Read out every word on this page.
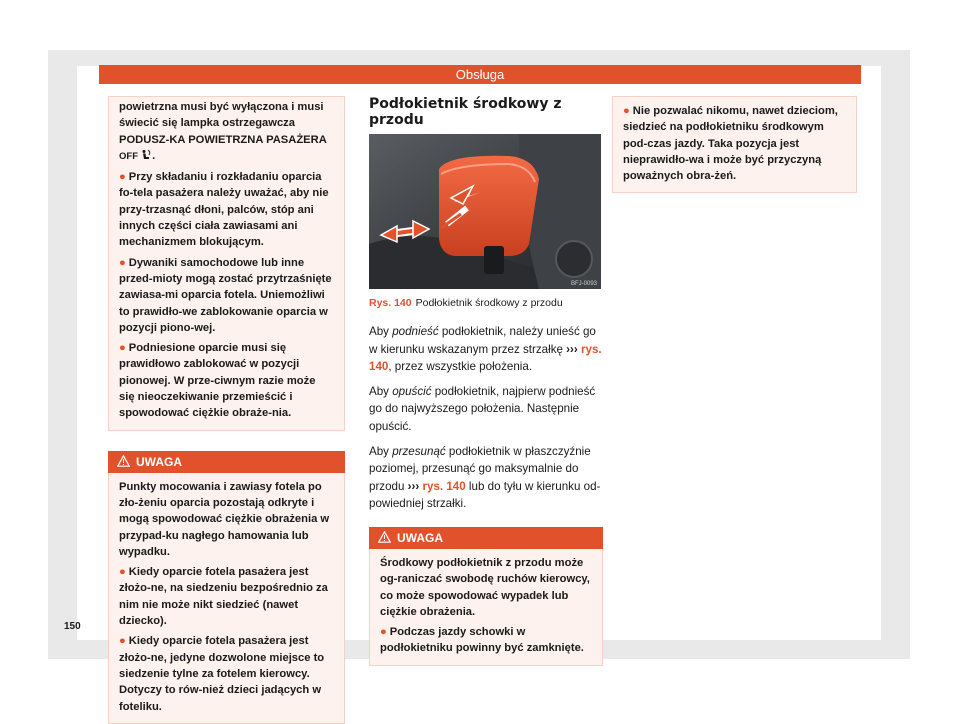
Obsługa

powietrzna musi być wyłączona i musi świecić się lampka ostrzegawcza PODUSZ-KA POWIETRZNA PASAŻERA OFF .

● Przy składaniu i rozkładaniu oparcia fo-tela pasażera należy uważać, aby nie przy-trzasnąć dłoni, palców, stóp ani innych części ciała zawiasami ani mechanizmem blokującym.

● Dywaniki samochodowe lub inne przed-mioty mogą zostać przytrzaśnięte zawiasa-mi oparcia fotela. Uniemożliwi to prawidło-we zablokowanie oparcia w pozycji piono-wej.

● Podniesione oparcie musi się prawidłowo zablokować w pozycji pionowej. W prze-ciwnym razie może się nieoczekiwanie przemieścić i spowodować ciężkie obraże-nia.

UWAGA

Punkty mocowania i zawiasy fotela po zło-żeniu oparcia pozostają odkryte i mogą spowodować ciężkie obrażenia w przypad-ku nagłego hamowania lub wypadku.

● Kiedy oparcie fotela pasażera jest złożo-ne, na siedzeniu bezpośrednio za nim nie może nikt siedzieć (nawet dziecko).

● Kiedy oparcie fotela pasażera jest złożo-ne, jedyne dozwolone miejsce to siedzenie tylne za fotelem kierowcy. Dotyczy to rów-nież dzieci jadących w foteliku.

Podłokietnik środkowy z przodu
BFJ-0093
Rys. 140 Podłokietnik środkowy z przodu

Aby podnieść podłokietnik, należy unieść go w kierunku wskazanym przez strzałkę ››› rys. 140, przez wszystkie położenia.

Aby opuścić podłokietnik, najpierw podnieść go do najwyższego położenia. Następnie opuścić.

Aby przesunąć podłokietnik w płaszczyźnie poziomej, przesunąć go maksymalnie do przodu ››› rys. 140 lub do tyłu w kierunku od-powiedniej strzałki.

UWAGA

Środkowy podłokietnik z przodu może og-raniczać swobodę ruchów kierowcy, co może spowodować wypadek lub ciężkie obrażenia.

● Podczas jazdy schowki w podłokietniku powinny być zamknięte.

● Nie pozwalać nikomu, nawet dzieciom, siedzieć na podłokietniku środkowym pod-czas jazdy. Taka pozycja jest nieprawidło-wa i może być przyczyną poważnych obra-żeń.

150
